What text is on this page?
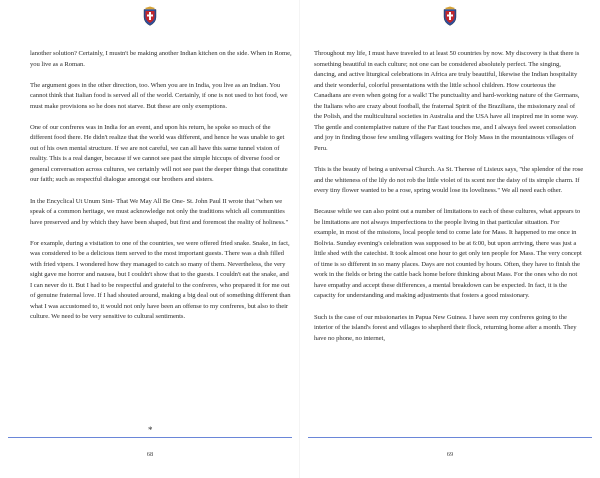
lanother solution? Certainly, I mustn't be making another Indian kitchen on the side. When in Rome, you live as a Roman.

The argument goes in the other direction, too. When you are in India, you live as an Indian. You cannot think that Italian food is served all of the world. Certainly, if one is not used to hot food, we must make provisions so he does not starve. But these are only exemptions.

One of our confreres was in India for an event, and upon his return, he spoke so much of the different food there. He didn't realize that the world was different, and hence he was unable to get out of his own mental structure. If we are not careful, we can all have this same tunnel vision of reality. This is a real danger, because if we cannot see past the simple hiccups of diverse food or general conversation across cultures, we certainly will not see past the deeper things that constitute our faith; such as respectful dialogue amongst our brothers and sisters.

In the Encyclical Ut Unum Sint- That We May All Be One- St. John Paul II wrote that "when we speak of a common heritage, we must acknowledge not only the traditions which all communities have preserved and by which they have been shaped, but first and foremost the reality of holiness."

For example, during a visitation to one of the countries, we were offered fried snake. Snake, in fact, was considered to be a delicious item served to the most important guests. There was a dish filled with fried vipers. I wondered how they managed to catch so many of them. Nevertheless, the very sight gave me horror and nausea, but I couldn't show that to the guests. I couldn't eat the snake, and I can never do it. But I had to be respectful and grateful to the confreres, who prepared it for me out of genuine fraternal love. If I had shouted around, making a big deal out of something different than what I was accustomed to, it would not only have been an offense to my confreres, but also to their culture. We need to be very sensitive to cultural sentiments.

*
68

Throughout my life, I must have traveled to at least 50 countries by now. My discovery is that there is something beautiful in each culture; not one can be considered absolutely perfect. The singing, dancing, and active liturgical celebrations in Africa are truly beautiful, likewise the Indian hospitality and their wonderful, colorful presentations with the little school children. How courteous the Canadians are even when going for a walk! The punctuality and hard-working nature of the Germans, the Italians who are crazy about football, the fraternal Spirit of the Brazilians, the missionary zeal of the Polish, and the multicultural societies in Australia and the USA have all inspired me in some way. The gentle and contemplative nature of the Far East touches me, and I always feel sweet consolation and joy in finding those few smiling villagers waiting for Holy Mass in the mountainous villages of Peru.

This is the beauty of being a universal Church. As St. Therese of Lisieux says, "the splendor of the rose and the whiteness of the lily do not rob the little violet of its scent nor the daisy of its simple charm. If every tiny flower wanted to be a rose, spring would lose its loveliness." We all need each other.

Because while we can also point out a number of limitations to each of these cultures, what appears to be limitations are not always imperfections to the people living in that particular situation. For example, in most of the missions, local people tend to come late for Mass. It happened to me once in Bolivia. Sunday evening's celebration was supposed to be at 6:00, but upon arriving, there was just a little shed with the catechist. It took almost one hour to get only ten people for Mass. The very concept of time is so different in so many places. Days are not counted by hours. Often, they have to finish the work in the fields or bring the cattle back home before thinking about Mass. For the ones who do not have empathy and accept these differences, a mental breakdown can be expected. In fact, it is the capacity for understanding and making adjustments that fosters a good missionary.

Such is the case of our missionaries in Papua New Guinea. I have seen my confreres going to the interior of the island's forest and villages to shepherd their flock, returning home after a month. They have no phone, no internet,

69
